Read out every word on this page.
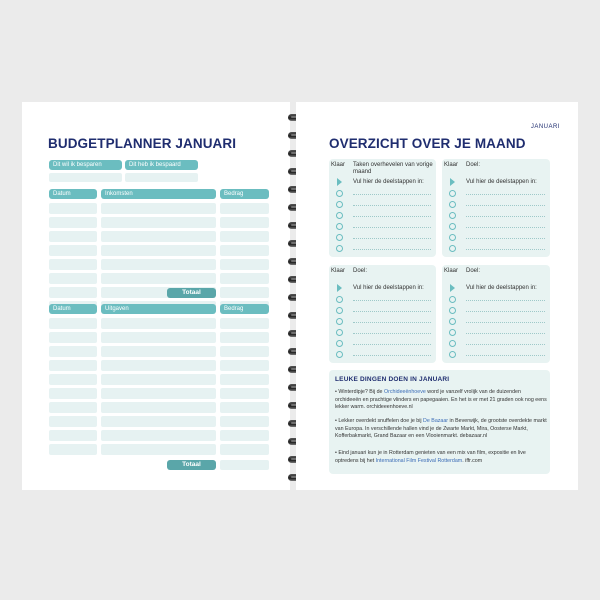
BUDGETPLANNER JANUARI
Dit wil ik besparen	Dit heb ik bespaard
Datum	Inkomsten	Bedrag
Totaal
Datum	Uitgaven	Bedrag
Totaal
JANUARI
OVERZICHT OVER JE MAAND
Klaar Taken overhevelen van vorige maand
Vul hier de deelstappen in:
Klaar Doel:
Vul hier de deelstappen in:
Klaar Doel:
Vul hier de deelstappen in:
Klaar Doel:
Vul hier de deelstappen in:
LEUKE DINGEN DOEN IN JANUARI
• Winterdipje? Bij de Orchideeënhoeve word je vanzelf vrolijk van de duizenden orchideeën en prachtige vlinders en papegaaien. En het is er met 21 graden ook nog eens lekker warm. orchideeenhoeve.nl
• Lekker overdekt snuffelen doe je bij De Bazaar in Beverwijk, de grootste overdekte markt van Europa. In verschillende hallen vind je de Zwarte Markt, Mira, Oosterse Markt, Kofferbakmarkt, Grand Bazaar en een Vlooienmarkt. debazaar.nl
• Eind januari kun je in Rotterdam genieten van een mix van film, expositie en live optredens bij het International Film Festival Rotterdam. iffr.com
